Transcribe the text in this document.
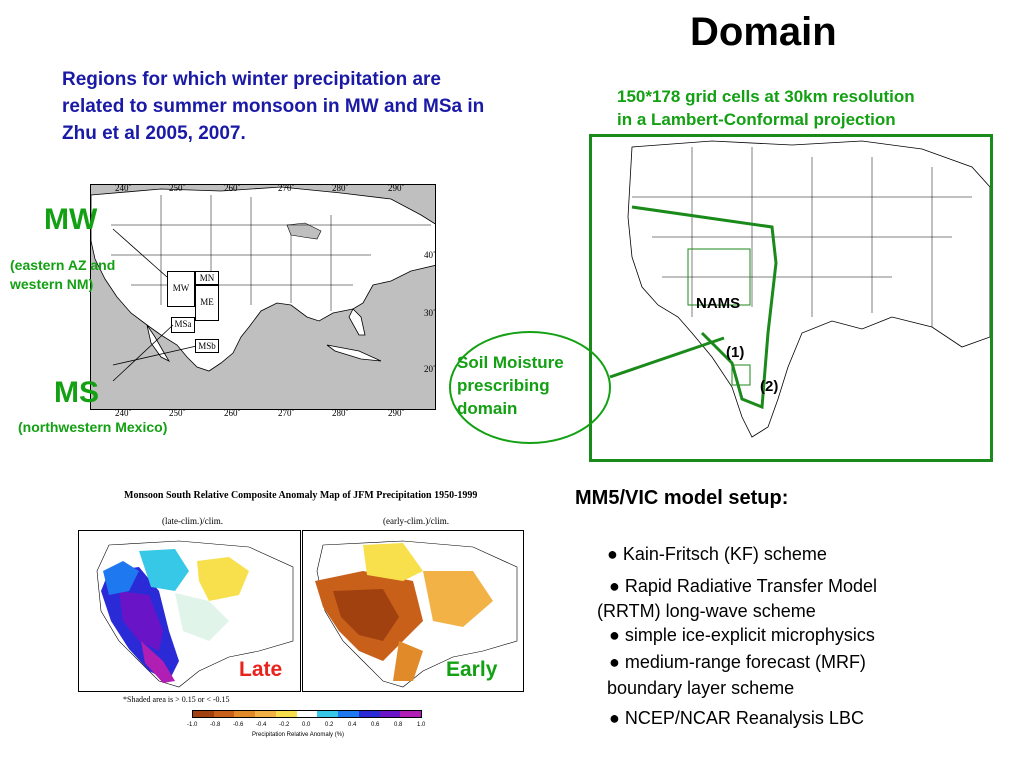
Domain
Regions for which winter precipitation are related to summer monsoon in MW and MSa in Zhu et al 2005, 2007.
MN
MW
ME
MSa
MSb
240˚	250˚	260˚	270˚	280˚	290˚
240˚	250˚	260˚	270˚	280˚	290˚
40˚
30˚
20˚
MW
(eastern AZ and western NM)
MS
(northwestern Mexico)
150*178 grid cells at 30km resolution
in a Lambert-Conformal projection
NAMS
(1)
(2)
Soil Moisture prescribing domain
Monsoon South Relative Composite Anomaly Map of JFM Precipitation 1950-1999
(late-clim.)/clim.	(early-clim.)/clim.
Late	Early
*Shaded area is > 0.15 or < -0.15
-1.0 -0.8 -0.6 -0.4 -0.2 0.0 0.2 0.4 0.6 0.8 1.0
Precipitation Relative Anomaly (%)
MM5/VIC model setup:
● Kain-Fritsch (KF) scheme
● Rapid Radiative Transfer Model
(RRTM) long-wave scheme
● simple ice-explicit microphysics
● medium-range forecast (MRF)
boundary layer scheme
● NCEP/NCAR Reanalysis LBC
